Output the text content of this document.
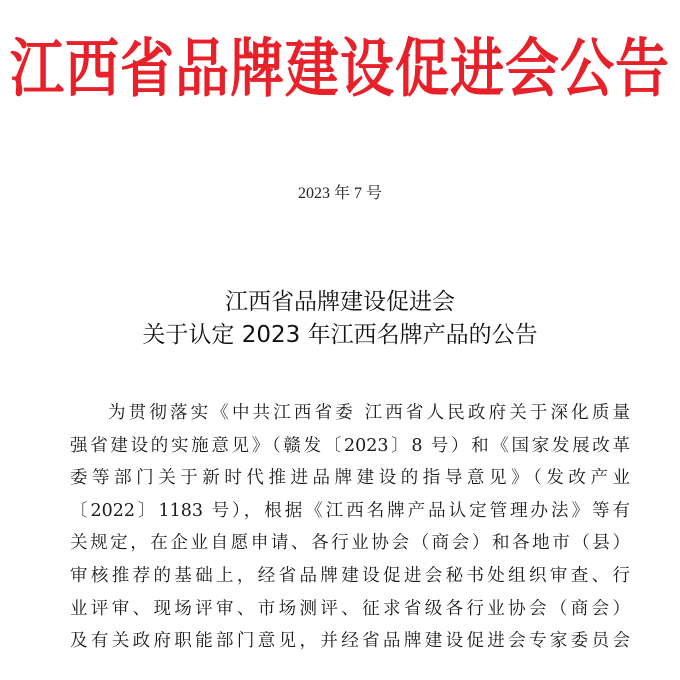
江西省品牌建设促进会公告
2023 年 7 号
江西省品牌建设促进会
关于认定 2023 年江西名牌产品的公告
为贯彻落实《中共江西省委 江西省人民政府关于深化质量
强省建设的实施意见》（赣发〔2023〕8 号）和《国家发展改革
委等部门关于新时代推进品牌建设的指导意见》（发改产业
〔2022〕1183 号），根据《江西名牌产品认定管理办法》等有
关规定，在企业自愿申请、各行业协会（商会）和各地市（县）
审核推荐的基础上，经省品牌建设促进会秘书处组织审查、行
业评审、现场评审、市场测评、征求省级各行业协会（商会）
及有关政府职能部门意见，并经省品牌建设促进会专家委员会
